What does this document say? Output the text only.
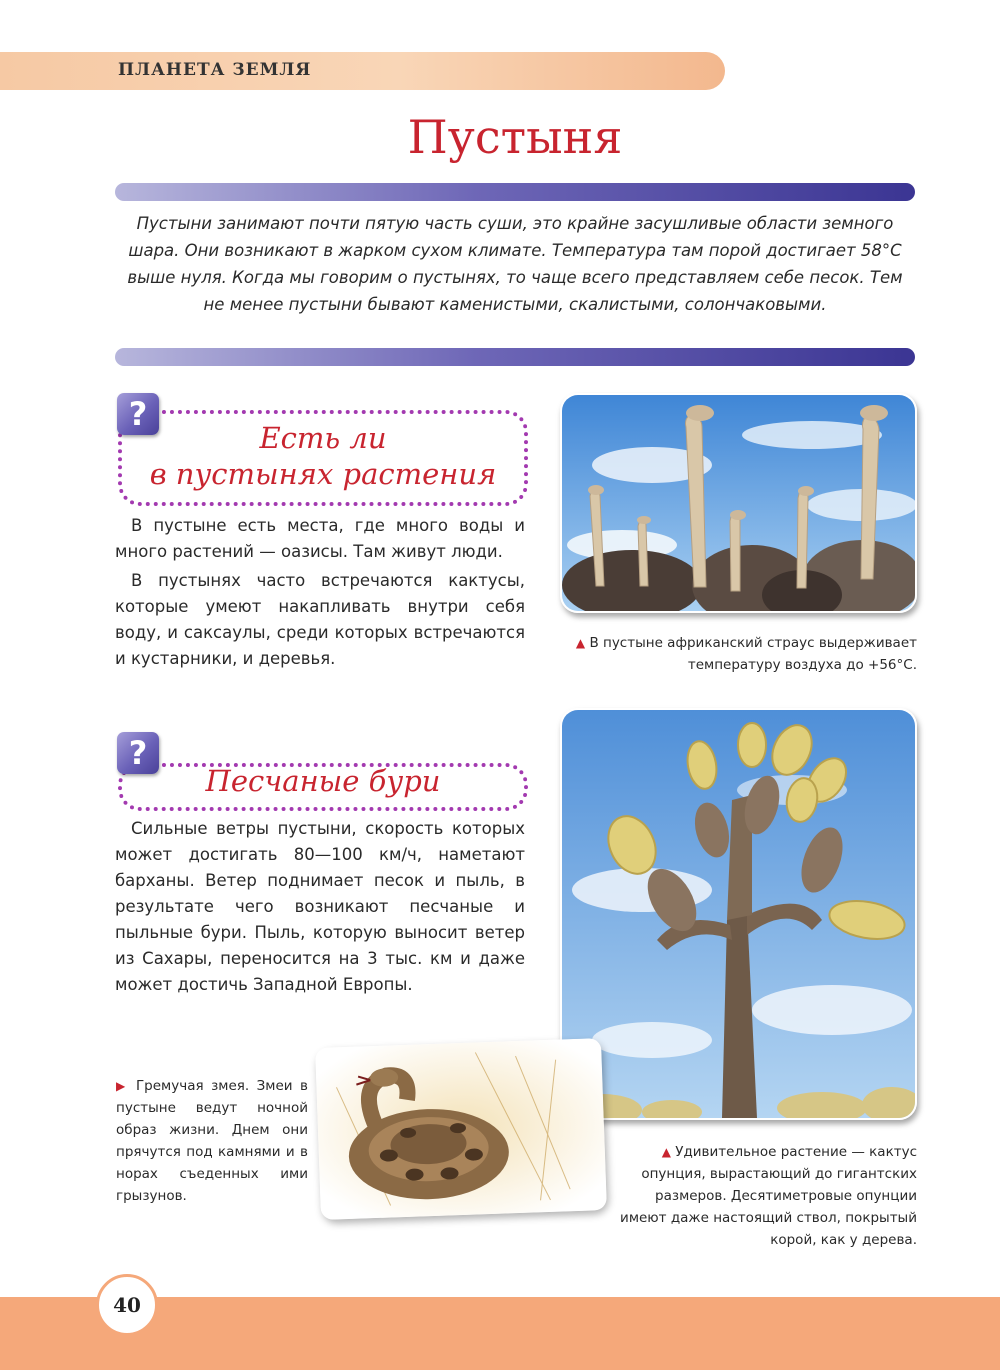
ПЛАНЕТА ЗЕМЛЯ
Пустыня
Пустыни занимают почти пятую часть суши, это крайне засушливые области земного шара. Они возникают в жарком сухом климате. Температура там порой достигает 58°С выше нуля. Когда мы говорим о пустынях, то чаще всего представляем себе песок. Тем не менее пустыни бывают каменистыми, скалистыми, солончаковыми.
?
Есть ли
в пустынях растения

В пустыне есть места, где много воды и много растений — оазисы. Там живут люди.

В пустынях часто встречаются кактусы, которые умеют накапливать внутри себя воду, и саксаулы, среди которых встречаются и кустарники, и деревья.

?
Песчаные бури

Сильные ветры пустыни, скорость которых может достигать 80—100 км/ч, наметают барханы. Ветер поднимает песок и пыль, в результате чего возникают песчаные и пыльные бури. Пыль, которую выносит ветер из Сахары, переносится на 3 тыс. км и даже может достичь Западной Европы.

▲ В пустыне африканский страус выдерживает температуру воздуха до +56°С.
▲ Удивительное растение — кактус опунция, вырастающий до гигантских размеров. Десятиметровые опунции имеют даже настоящий ствол, покрытый корой, как у дерева.
▶ Гремучая змея. Змеи в пустыне ведут ночной образ жизни. Днем они прячутся под камнями и в норах съеденных ими грызунов.
40
